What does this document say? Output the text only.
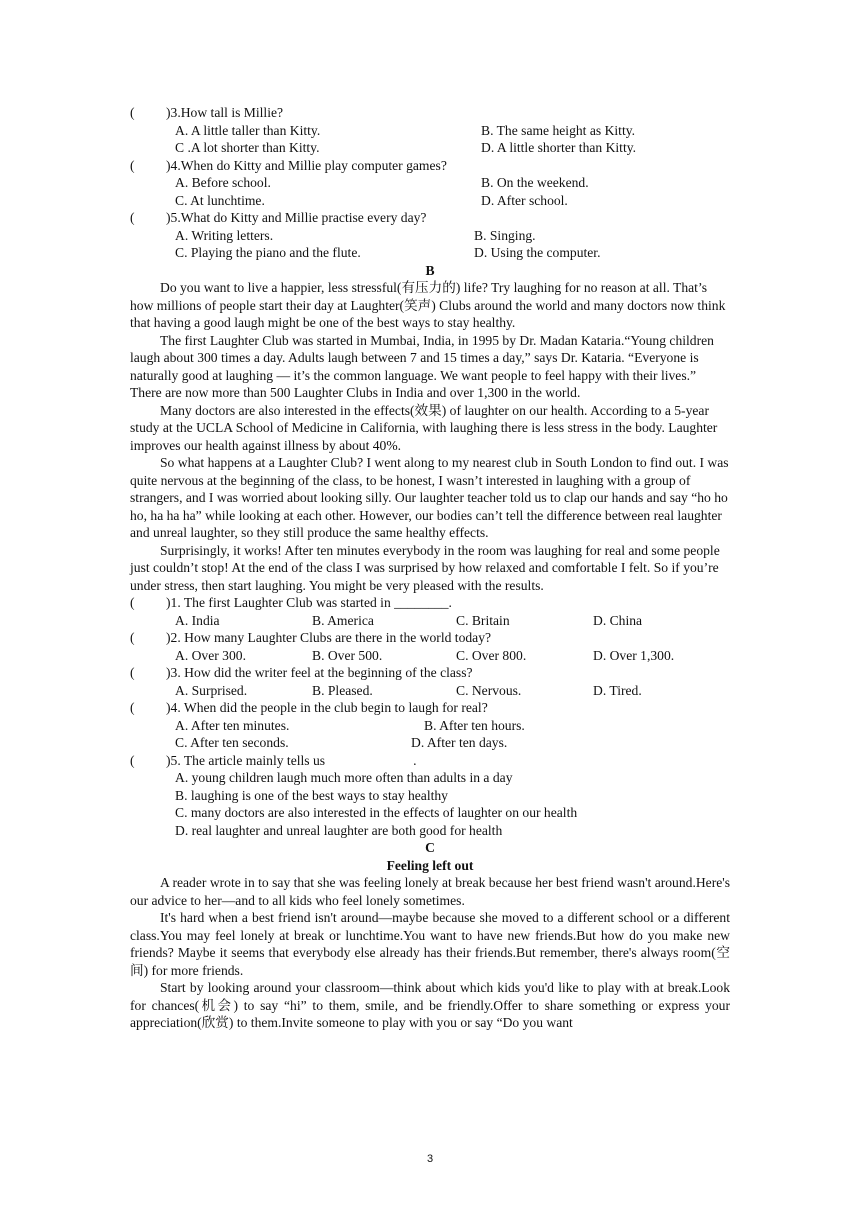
( )3.How tall is Millie?
A. A little taller than Kitty.	B. The same height as Kitty.
C .A lot shorter than Kitty.	D. A little shorter than Kitty.
( )4.When do Kitty and Millie play computer games?
A. Before school.	B. On the weekend.
C. At lunchtime.	D. After school.
( )5.What do Kitty and Millie practise every day?
A. Writing letters.	B. Singing.
C. Playing the piano and the flute.	D. Using the computer.
B
Do you want to live a happier, less stressful(有压力的) life? Try laughing for no reason at all. That’s how millions of people start their day at Laughter(笑声) Clubs around the world and many doctors now think that having a good laugh might be one of the best ways to stay healthy.
The first Laughter Club was started in Mumbai, India, in 1995 by Dr. Madan Kataria.“Young children laugh about 300 times a day. Adults laugh between 7 and 15 times a day,” says Dr. Kataria. “Everyone is naturally good at laughing — it’s the common language. We want people to feel happy with their lives.” There are now more than 500 Laughter Clubs in India and over 1,300 in the world.
Many doctors are also interested in the effects(效果) of laughter on our health. According to a 5-year study at the UCLA School of Medicine in California, with laughing there is less stress in the body. Laughter improves our health against illness by about 40%.
So what happens at a Laughter Club? I went along to my nearest club in South London to find out. I was quite nervous at the beginning of the class, to be honest, I wasn’t interested in laughing with a group of strangers, and I was worried about looking silly. Our laughter teacher told us to clap our hands and say “ho ho ho, ha ha ha” while looking at each other. However, our bodies can’t tell the difference between real laughter and unreal laughter, so they still produce the same healthy effects.
Surprisingly, it works! After ten minutes everybody in the room was laughing for real and some people just couldn’t stop! At the end of the class I was surprised by how relaxed and comfortable I felt. So if you’re under stress, then start laughing. You might be very pleased with the results.
( )1. The first Laughter Club was started in ________.
A. India	B. America	C. Britain	D. China
( )2. How many Laughter Clubs are there in the world today?
A. Over 300.	B. Over 500.	C. Over 800.	D. Over 1,300.
( )3. How did the writer feel at the beginning of the class?
A. Surprised.	B. Pleased.	C. Nervous.	D. Tired.
( )4. When did the people in the club begin to laugh for real?
A. After ten minutes.	B. After ten hours.
C. After ten seconds.	D. After ten days.
( )5. The article mainly tells us	.
A. young children laugh much more often than adults in a day
B. laughing is one of the best ways to stay healthy
C. many doctors are also interested in the effects of laughter on our health
D. real laughter and unreal laughter are both good for health
C
Feeling left out
A reader wrote in to say that she was feeling lonely at break because her best friend wasn't around.Here's our advice to her—and to all kids who feel lonely sometimes.
It's hard when a best friend isn't around—maybe because she moved to a different school or a different class.You may feel lonely at break or lunchtime.You want to have new friends.But how do you make new friends? Maybe it seems that everybody else already has their friends.But remember, there's always room(空间) for more friends.
Start by looking around your classroom—think about which kids you'd like to play with at break.Look for chances(机会) to say “hi” to them, smile, and be friendly.Offer to share something or express your appreciation(欣赏) to them.Invite someone to play with you or say “Do you want
3
